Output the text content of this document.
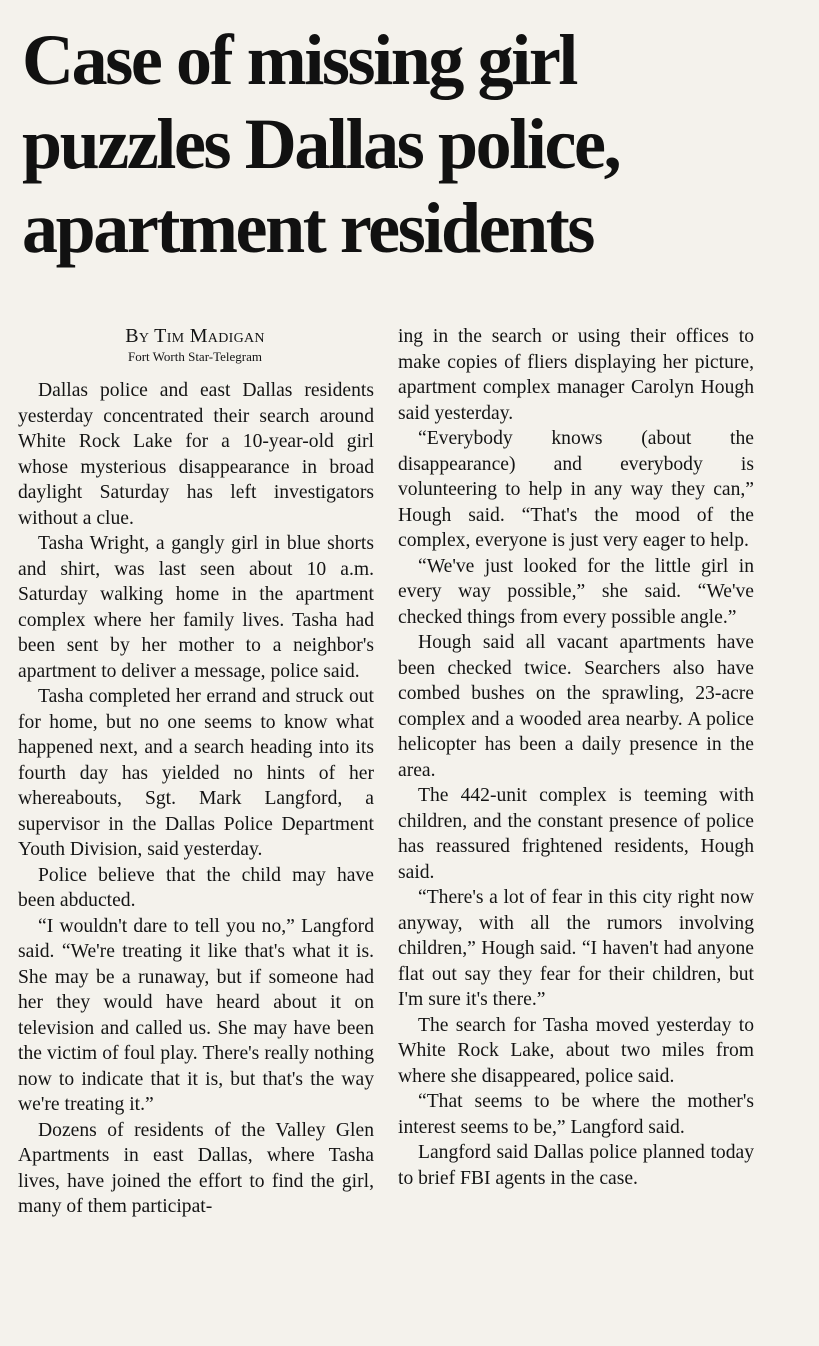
Case of missing girl
puzzles Dallas police,
apartment residents
By Tim Madigan
Fort Worth Star-Telegram

Dallas police and east Dallas residents yesterday concentrated their search around White Rock Lake for a 10-year-old girl whose mysterious disappearance in broad daylight Saturday has left investigators without a clue.

Tasha Wright, a gangly girl in blue shorts and shirt, was last seen about 10 a.m. Saturday walking home in the apartment complex where her family lives. Tasha had been sent by her mother to a neighbor's apartment to deliver a message, police said.

Tasha completed her errand and struck out for home, but no one seems to know what happened next, and a search heading into its fourth day has yielded no hints of her whereabouts, Sgt. Mark Langford, a supervisor in the Dallas Police Department Youth Division, said yesterday.

Police believe that the child may have been abducted.

“I wouldn't dare to tell you no,” Langford said. “We're treating it like that's what it is. She may be a runaway, but if someone had her they would have heard about it on television and called us. She may have been the victim of foul play. There's really nothing now to indicate that it is, but that's the way we're treating it.”

Dozens of residents of the Valley Glen Apartments in east Dallas, where Tasha lives, have joined the effort to find the girl, many of them participat-

ing in the search or using their offices to make copies of fliers displaying her picture, apartment complex manager Carolyn Hough said yesterday.

“Everybody knows (about the disappearance) and everybody is volunteering to help in any way they can,” Hough said. “That's the mood of the complex, everyone is just very eager to help.

“We've just looked for the little girl in every way possible,” she said. “We've checked things from every possible angle.”

Hough said all vacant apartments have been checked twice. Searchers also have combed bushes on the sprawling, 23-acre complex and a wooded area nearby. A police helicopter has been a daily presence in the area.

The 442-unit complex is teeming with children, and the constant presence of police has reassured frightened residents, Hough said.

“There's a lot of fear in this city right now anyway, with all the rumors involving children,” Hough said. “I haven't had anyone flat out say they fear for their children, but I'm sure it's there.”

The search for Tasha moved yesterday to White Rock Lake, about two miles from where she disappeared, police said.

“That seems to be where the mother's interest seems to be,” Langford said.

Langford said Dallas police planned today to brief FBI agents in the case.
